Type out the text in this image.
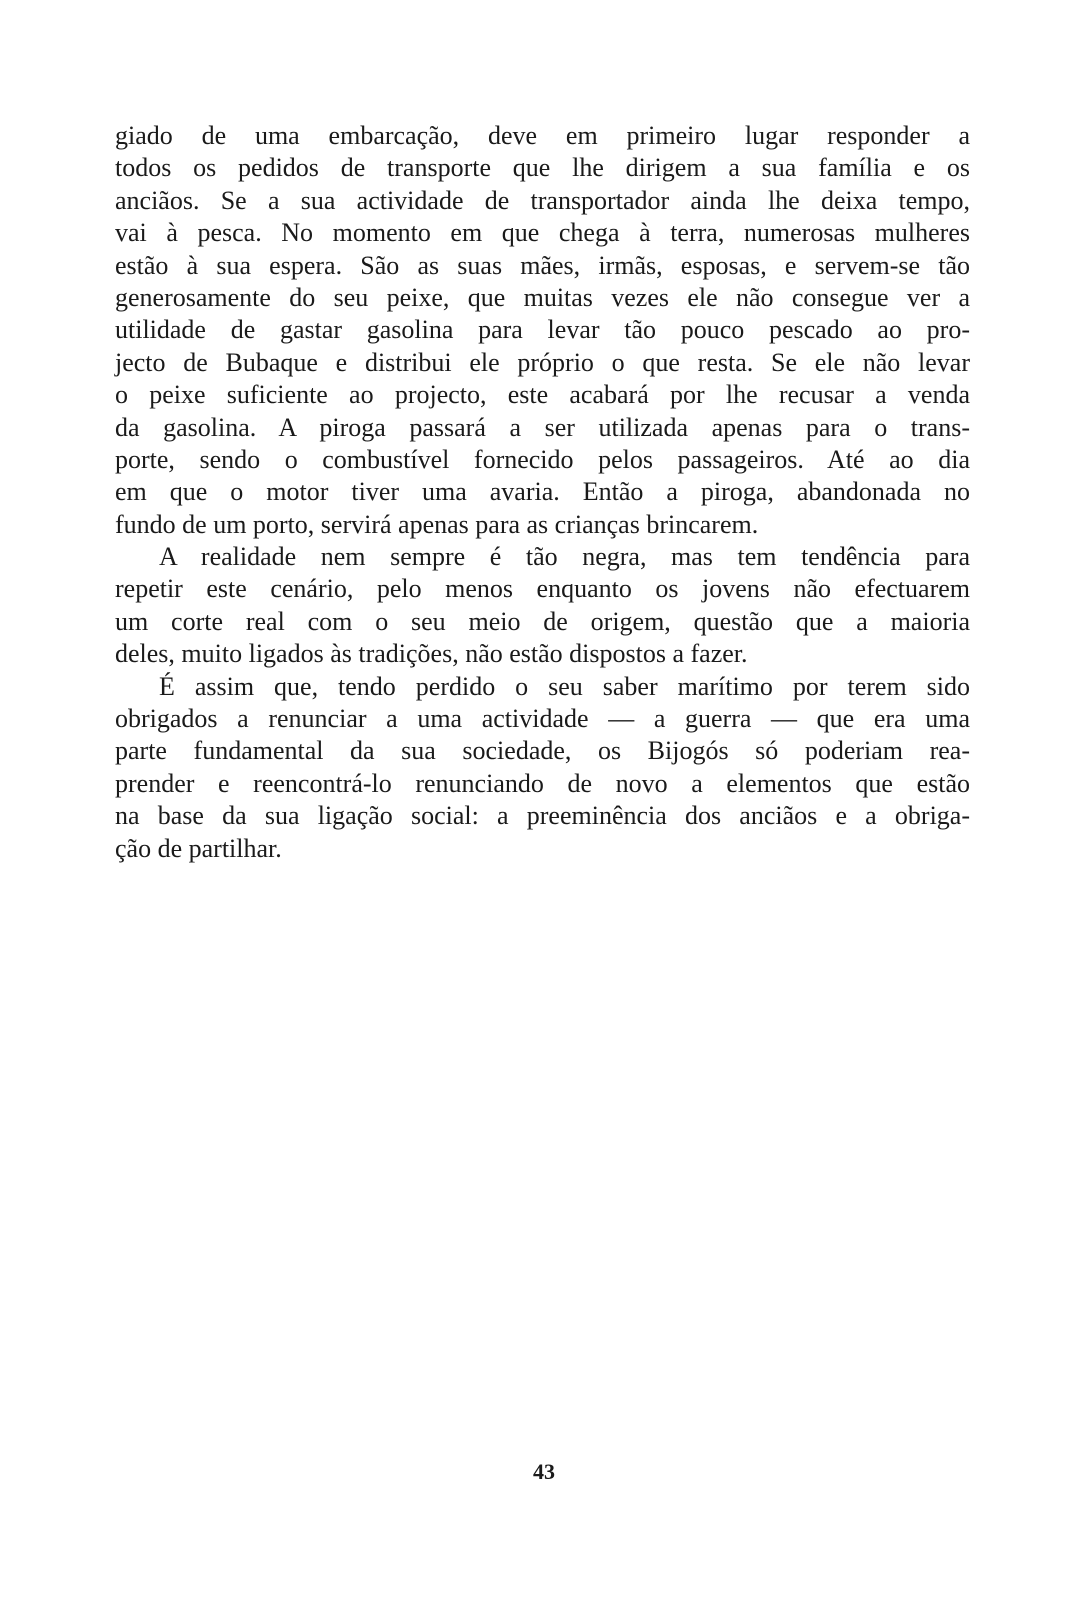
giado de uma embarcação, deve em primeiro lugar responder a
todos os pedidos de transporte que lhe dirigem a sua família e os
anciãos. Se a sua actividade de transportador ainda lhe deixa tempo,
vai à pesca. No momento em que chega à terra, numerosas mulheres
estão à sua espera. São as suas mães, irmãs, esposas, e servem-se tão
generosamente do seu peixe, que muitas vezes ele não consegue ver a
utilidade de gastar gasolina para levar tão pouco pescado ao pro-
jecto de Bubaque e distribui ele próprio o que resta. Se ele não levar
o peixe suficiente ao projecto, este acabará por lhe recusar a venda
da gasolina. A piroga passará a ser utilizada apenas para o trans-
porte, sendo o combustível fornecido pelos passageiros. Até ao dia
em que o motor tiver uma avaria. Então a piroga, abandonada no
fundo de um porto, servirá apenas para as crianças brincarem.
A realidade nem sempre é tão negra, mas tem tendência para
repetir este cenário, pelo menos enquanto os jovens não efectuarem
um corte real com o seu meio de origem, questão que a maioria
deles, muito ligados às tradições, não estão dispostos a fazer.
É assim que, tendo perdido o seu saber marítimo por terem sido
obrigados a renunciar a uma actividade — a guerra — que era uma
parte fundamental da sua sociedade, os Bijogós só poderiam rea-
prender e reencontrá-lo renunciando de novo a elementos que estão
na base da sua ligação social: a preeminência dos anciãos e a obriga-
ção de partilhar.
43
